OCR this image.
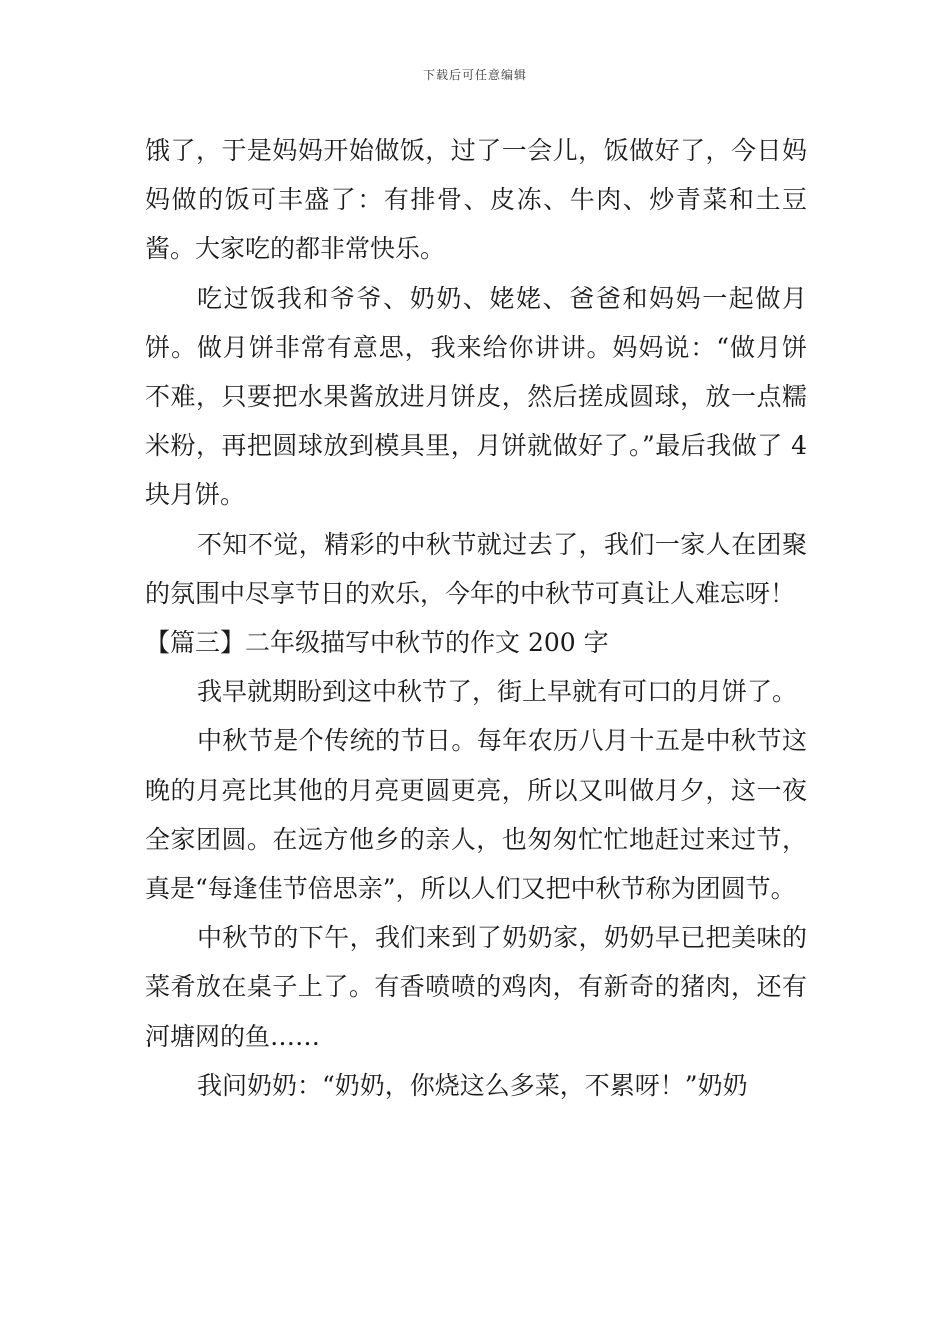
下载后可任意编辑

饿了，于是妈妈开始做饭，过了一会儿，饭做好了，今日妈妈做的饭可丰盛了：有排骨、皮冻、牛肉、炒青菜和土豆酱。大家吃的都非常快乐。

吃过饭我和爷爷、奶奶、姥姥、爸爸和妈妈一起做月饼。做月饼非常有意思，我来给你讲讲。妈妈说：“做月饼不难，只要把水果酱放进月饼皮，然后搓成圆球，放一点糯米粉，再把圆球放到模具里，月饼就做好了。”最后我做了 4 块月饼。

不知不觉，精彩的中秋节就过去了，我们一家人在团聚的氛围中尽享节日的欢乐，今年的中秋节可真让人难忘呀！

【篇三】二年级描写中秋节的作文 200 字

我早就期盼到这中秋节了，街上早就有可口的月饼了。

中秋节是个传统的节日。每年农历八月十五是中秋节这晚的月亮比其他的月亮更圆更亮，所以又叫做月夕，这一夜全家团圆。在远方他乡的亲人，也匆匆忙忙地赶过来过节，真是“每逢佳节倍思亲”，所以人们又把中秋节称为团圆节。

中秋节的下午，我们来到了奶奶家，奶奶早已把美味的菜肴放在桌子上了。有香喷喷的鸡肉，有新奇的猪肉，还有河塘网的鱼……

我问奶奶：“奶奶，你烧这么多菜，不累呀！”奶奶
